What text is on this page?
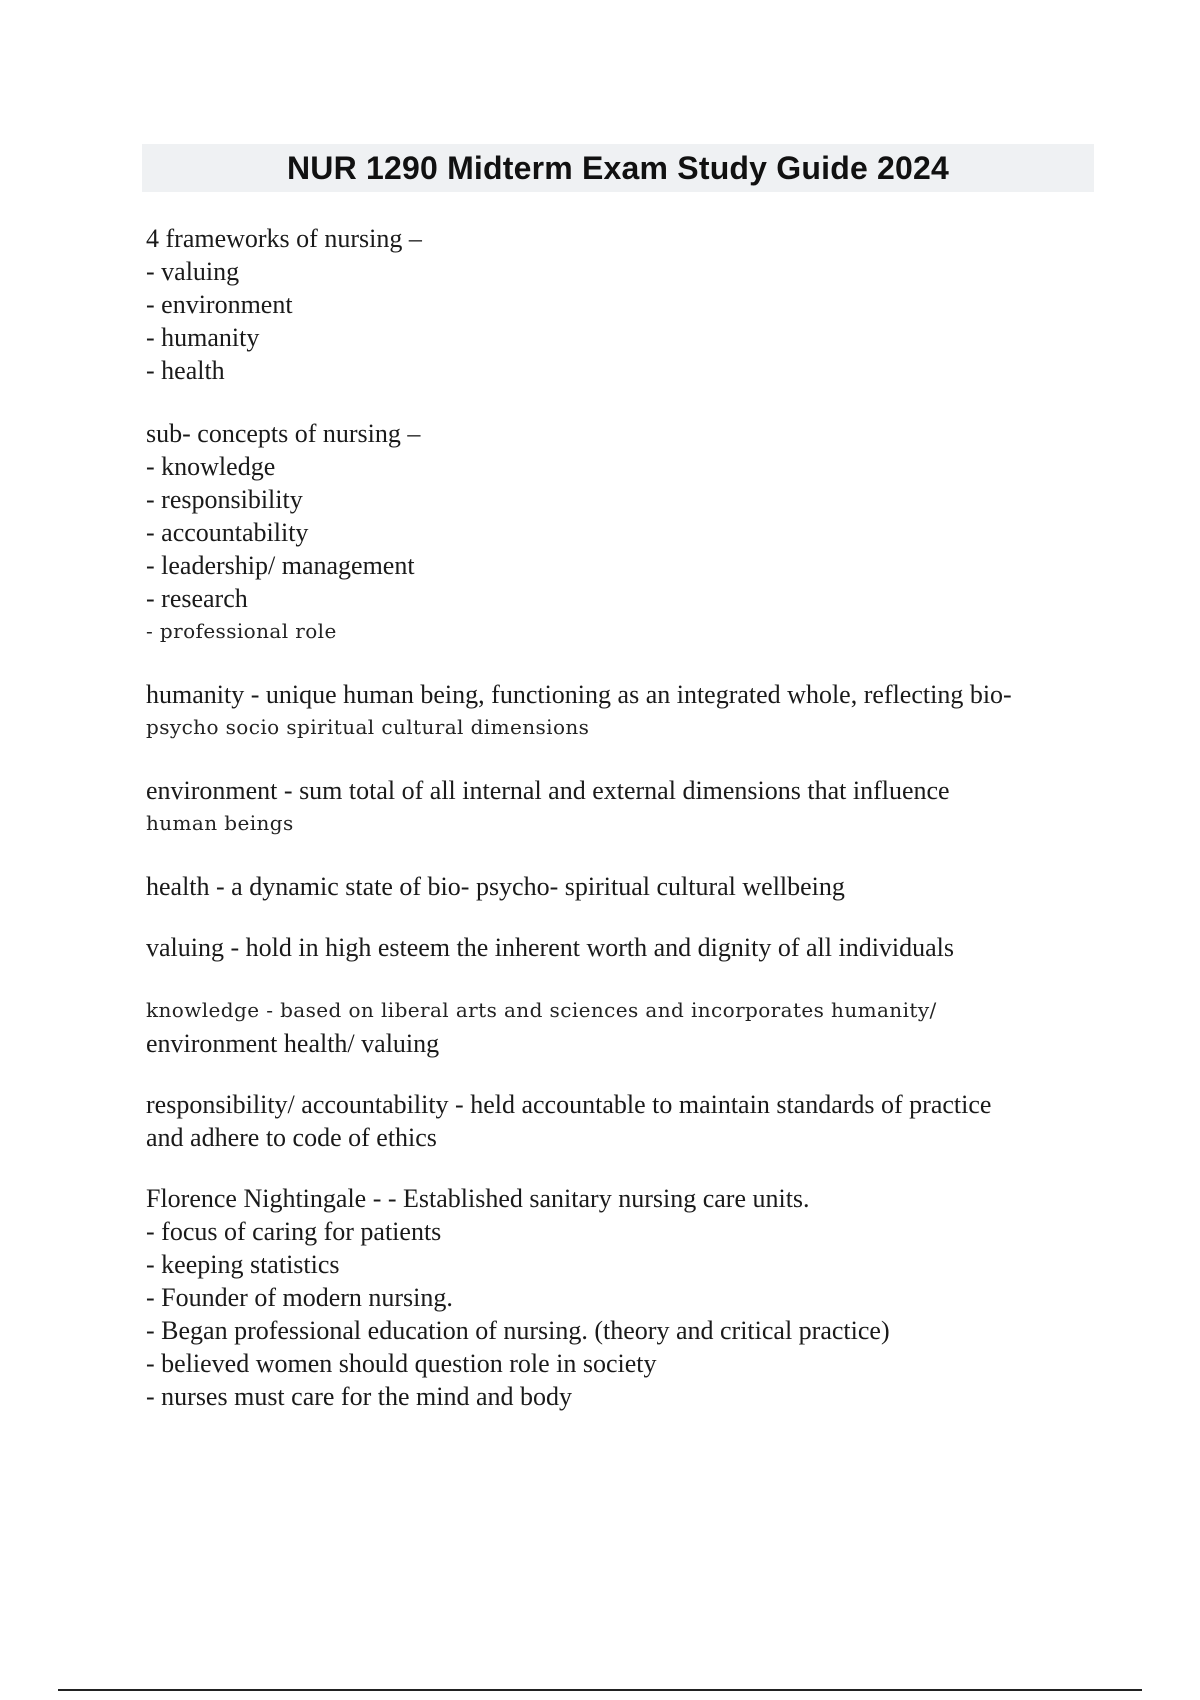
NUR 1290 Midterm Exam Study Guide 2024
4 frameworks of nursing –
- valuing
- environment
- humanity
- health
sub- concepts of nursing –
- knowledge
- responsibility
- accountability
- leadership/ management
- research
- professional role
humanity - unique human being, functioning as an integrated whole, reflecting bio-
psycho socio spiritual cultural dimensions
environment - sum total of all internal and external dimensions that influence
human beings
health - a dynamic state of bio- psycho- spiritual cultural wellbeing
valuing - hold in high esteem the inherent worth and dignity of all individuals
knowledge - based on liberal arts and sciences and incorporates humanity/
environment health/ valuing
responsibility/ accountability - held accountable to maintain standards of practice
and adhere to code of ethics
Florence Nightingale - - Established sanitary nursing care units.
- focus of caring for patients
- keeping statistics
- Founder of modern nursing.
- Began professional education of nursing. (theory and critical practice)
- believed women should question role in society
- nurses must care for the mind and body
